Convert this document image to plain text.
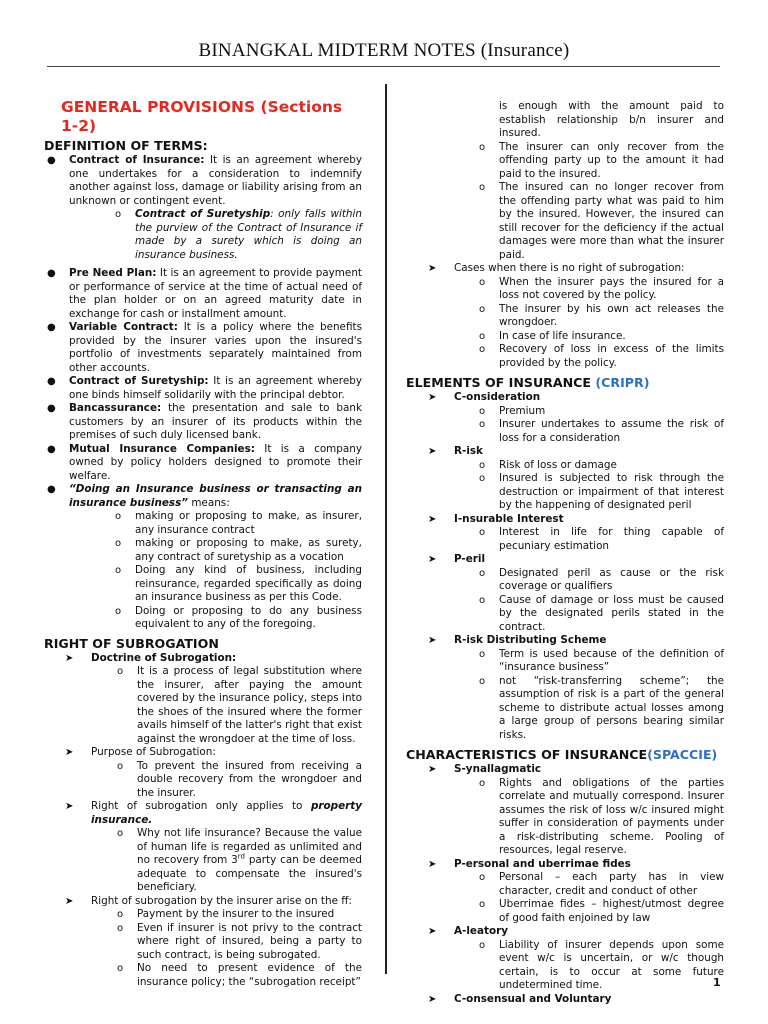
BINANGKAL MIDTERM NOTES (Insurance)
GENERAL PROVISIONS (Sections 1-2)
DEFINITION OF TERMS:
● Contract of Insurance: It is an agreement whereby one undertakes for a consideration to indemnify another against loss, damage or liability arising from an unknown or contingent event.
o Contract of Suretyship: only falls within the purview of the Contract of Insurance if made by a surety which is doing an insurance business.
● Pre Need Plan: It is an agreement to provide payment or performance of service at the time of actual need of the plan holder or on an agreed maturity date in exchange for cash or installment amount.
● Variable Contract: It is a policy where the benefits provided by the insurer varies upon the insured's portfolio of investments separately maintained from other accounts.
● Contract of Suretyship: It is an agreement whereby one binds himself solidarily with the principal debtor.
● Bancassurance: the presentation and sale to bank customers by an insurer of its products within the premises of such duly licensed bank.
● Mutual Insurance Companies: It is a company owned by policy holders designed to promote their welfare.
● “Doing an Insurance business or transacting an insurance business” means:
o making or proposing to make, as insurer, any insurance contract
o making or proposing to make, as surety, any contract of suretyship as a vocation
o Doing any kind of business, including reinsurance, regarded specifically as doing an insurance business as per this Code.
o Doing or proposing to do any business equivalent to any of the foregoing.
RIGHT OF SUBROGATION
➤ Doctrine of Subrogation:
o It is a process of legal substitution where the insurer, after paying the amount covered by the insurance policy, steps into the shoes of the insured where the former avails himself of the latter's right that exist against the wrongdoer at the time of loss.
➤ Purpose of Subrogation:
o To prevent the insured from receiving a double recovery from the wrongdoer and the insurer.
➤ Right of subrogation only applies to property insurance.
o Why not life insurance? Because the value of human life is regarded as unlimited and no recovery from 3rd party can be deemed adequate to compensate the insured's beneficiary.
➤ Right of subrogation by the insurer arise on the ff:
o Payment by the insurer to the insured
o Even if insurer is not privy to the contract where right of insured, being a party to such contract, is being subrogated.
o No need to present evidence of the insurance policy; the “subrogation receipt”
is enough with the amount paid to establish relationship b/n insurer and insured.
o The insurer can only recover from the offending party up to the amount it had paid to the insured.
o The insured can no longer recover from the offending party what was paid to him by the insured. However, the insured can still recover for the deficiency if the actual damages were more than what the insurer paid.
➤ Cases when there is no right of subrogation:
o When the insurer pays the insured for a loss not covered by the policy.
o The insurer by his own act releases the wrongdoer.
o In case of life insurance.
o Recovery of loss in excess of the limits provided by the policy.
ELEMENTS OF INSURANCE (CRIPR)
➤ C-onsideration
o Premium
o Insurer undertakes to assume the risk of loss for a consideration
➤ R-isk
o Risk of loss or damage
o Insured is subjected to risk through the destruction or impairment of that interest by the happening of designated peril
➤ I-nsurable Interest
o Interest in life for thing capable of pecuniary estimation
➤ P-eril
o Designated peril as cause or the risk coverage or qualifiers
o Cause of damage or loss must be caused by the designated perils stated in the contract.
➤ R-isk Distributing Scheme
o Term is used because of the definition of “insurance business”
o not “risk-transferring scheme”; the assumption of risk is a part of the general scheme to distribute actual losses among a large group of persons bearing similar risks.
CHARACTERISTICS OF INSURANCE(SPACCIE)
➤ S-ynallagmatic
o Rights and obligations of the parties correlate and mutually correspond. Insurer assumes the risk of loss w/c insured might suffer in consideration of payments under a risk-distributing scheme. Pooling of resources, legal reserve.
➤ P-ersonal and uberrimae fides
o Personal – each party has in view character, credit and conduct of other
o Uberrimae fides – highest/utmost degree of good faith enjoined by law
➤ A-leatory
o Liability of insurer depends upon some event w/c is uncertain, or w/c though certain, is to occur at some future undetermined time.
➤ C-onsensual and Voluntary
1
